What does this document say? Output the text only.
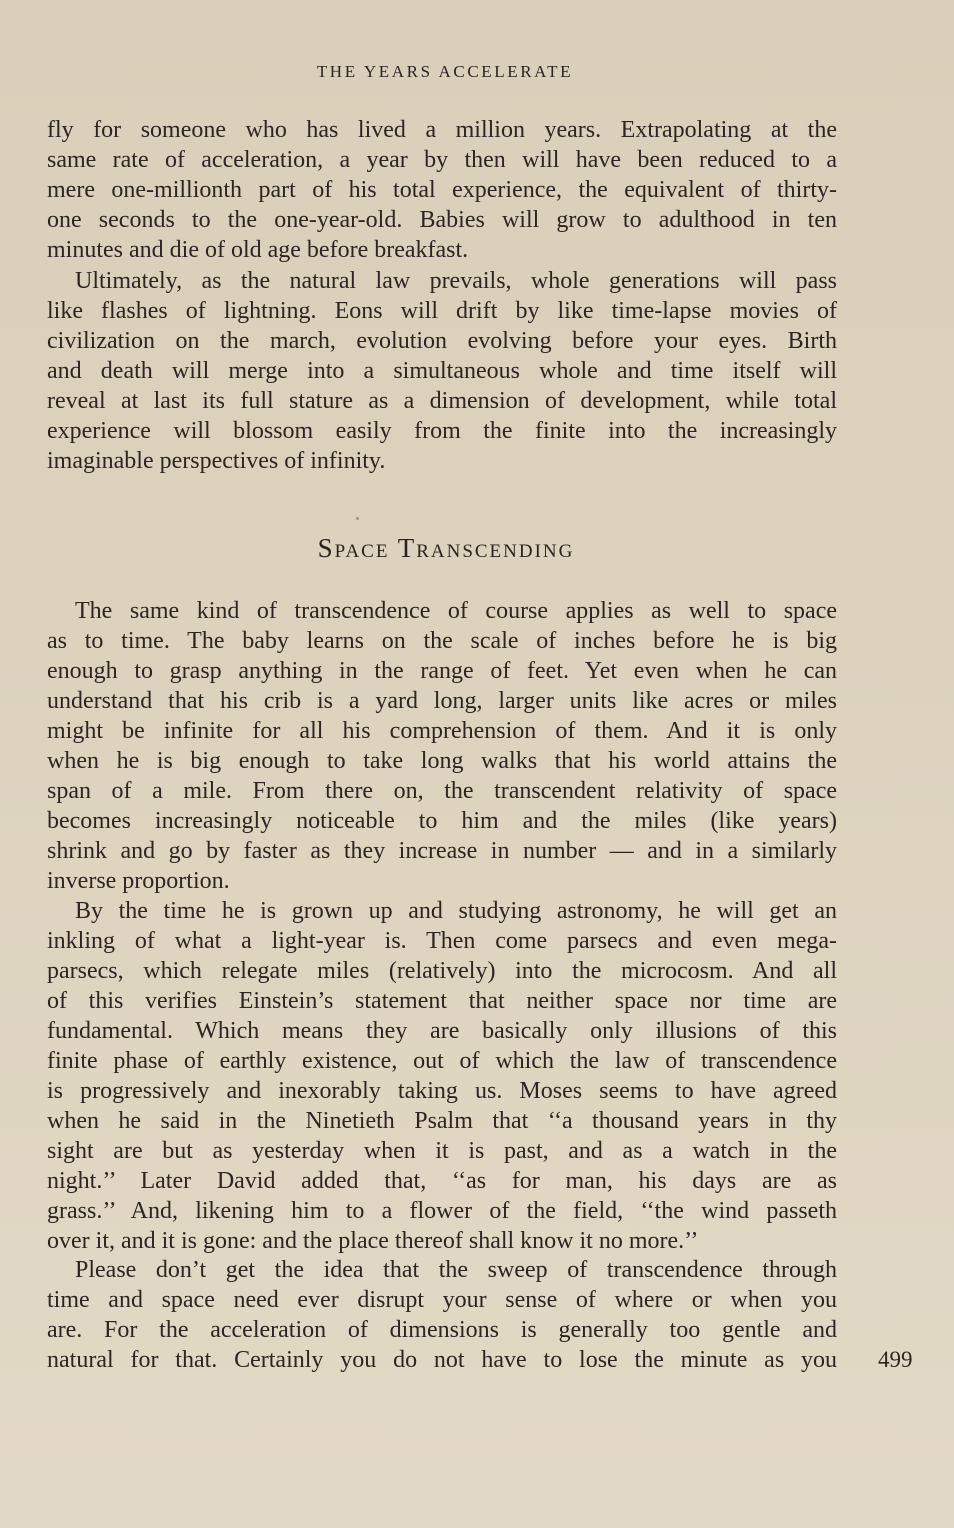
THE YEARS ACCELERATE
fly for someone who has lived a million years. Extrapolating at the
same rate of acceleration, a year by then will have been reduced to a
mere one-millionth part of his total experience, the equivalent of thirty-
one seconds to the one-year-old. Babies will grow to adulthood in ten
minutes and die of old age before breakfast.
Ultimately, as the natural law prevails, whole generations will pass
like flashes of lightning. Eons will drift by like time-lapse movies of
civilization on the march, evolution evolving before your eyes. Birth
and death will merge into a simultaneous whole and time itself will
reveal at last its full stature as a dimension of development, while total
experience will blossom easily from the finite into the increasingly
imaginable perspectives of infinity.
Space Transcending
The same kind of transcendence of course applies as well to space
as to time. The baby learns on the scale of inches before he is big
enough to grasp anything in the range of feet. Yet even when he can
understand that his crib is a yard long, larger units like acres or miles
might be infinite for all his comprehension of them. And it is only
when he is big enough to take long walks that his world attains the
span of a mile. From there on, the transcendent relativity of space
becomes increasingly noticeable to him and the miles (like years)
shrink and go by faster as they increase in number — and in a similarly
inverse proportion.
By the time he is grown up and studying astronomy, he will get an
inkling of what a light-year is. Then come parsecs and even mega-
parsecs, which relegate miles (relatively) into the microcosm. And all
of this verifies Einstein’s statement that neither space nor time are
fundamental. Which means they are basically only illusions of this
finite phase of earthly existence, out of which the law of transcendence
is progressively and inexorably taking us. Moses seems to have agreed
when he said in the Ninetieth Psalm that ‘‘a thousand years in thy
sight are but as yesterday when it is past, and as a watch in the
night.’’ Later David added that, ‘‘as for man, his days are as
grass.’’ And, likening him to a flower of the field, ‘‘the wind passeth
over it, and it is gone: and the place thereof shall know it no more.’’
Please don’t get the idea that the sweep of transcendence through
time and space need ever disrupt your sense of where or when you
are. For the acceleration of dimensions is generally too gentle and
natural for that. Certainly you do not have to lose the minute as you 499
